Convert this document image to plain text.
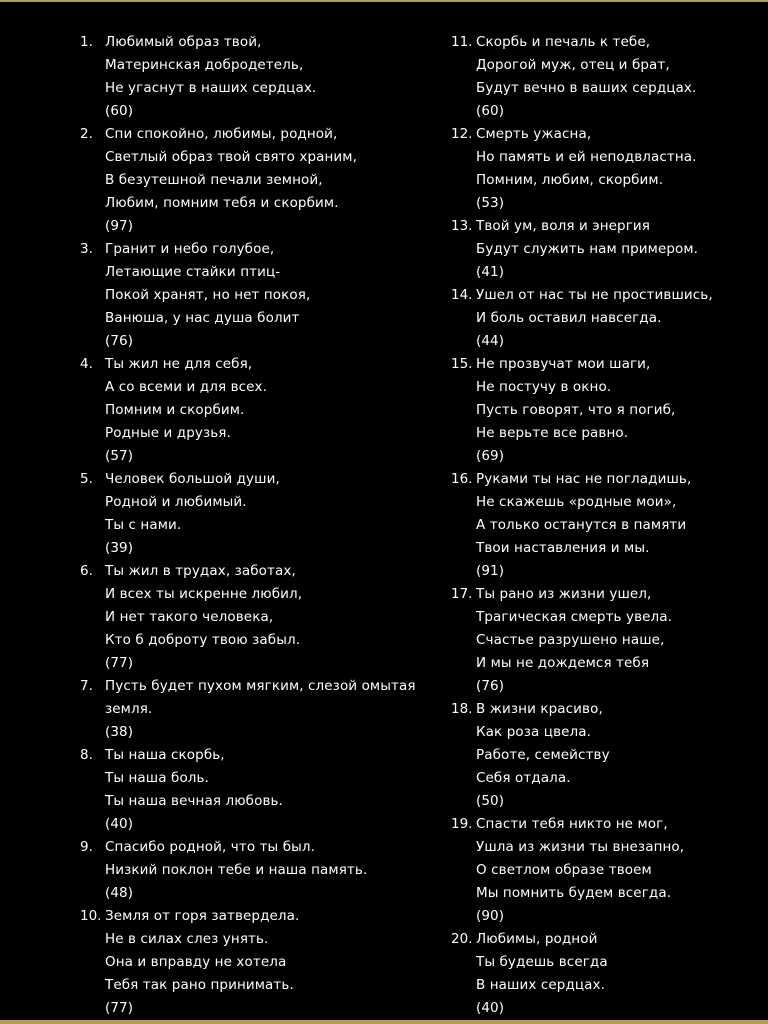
1. Любимый образ твой,
Материнская добродетель,
Не угаснут в наших сердцах.
(60)
2. Спи спокойно, любимы, родной,
Светлый образ твой свято храним,
В безутешной печали земной,
Любим, помним тебя и скорбим.
(97)
3. Гранит и небо голубое,
Летающие стайки птиц-
Покой хранят, но нет покоя,
Ванюша, у нас душа болит
(76)
4. Ты жил не для себя,
А со всеми и для всех.
Помним и скорбим.
Родные и друзья.
(57)
5. Человек большой души,
Родной и любимый.
Ты с нами.
(39)
6. Ты жил в трудах, заботах,
И всех ты искренне любил,
И нет такого человека,
Кто б доброту твою забыл.
(77)
7. Пусть будет пухом мягким, слезой омытая
земля.
(38)
8. Ты наша скорбь,
Ты наша боль.
Ты наша вечная любовь.
(40)
9. Спасибо родной, что ты был.
Низкий поклон тебе и наша память.
(48)
10. Земля от горя затвердела.
Не в силах слез унять.
Она и вправду не хотела
Тебя так рано принимать.
(77)
11. Скорбь и печаль к тебе,
Дорогой муж, отец и брат,
Будут вечно в ваших сердцах.
(60)
12. Смерть ужасна,
Но память и ей неподвластна.
Помним, любим, скорбим.
(53)
13. Твой ум, воля и энергия
Будут служить нам примером.
(41)
14. Ушел от нас ты не простившись,
И боль оставил навсегда.
(44)
15. Не прозвучат мои шаги,
Не постучу в окно.
Пусть говорят, что я погиб,
Не верьте все равно.
(69)
16. Руками ты нас не погладишь,
Не скажешь «родные мои»,
А только останутся в памяти
Твои наставления и мы.
(91)
17. Ты рано из жизни ушел,
Трагическая смерть увела.
Счастье разрушено наше,
И мы не дождемся тебя
(76)
18. В жизни красиво,
Как роза цвела.
Работе, семейству
Себя отдала.
(50)
19. Спасти тебя никто не мог,
Ушла из жизни ты внезапно,
О светлом образе твоем
Мы помнить будем всегда.
(90)
20. Любимы, родной
Ты будешь всегда
В наших сердцах.
(40)
